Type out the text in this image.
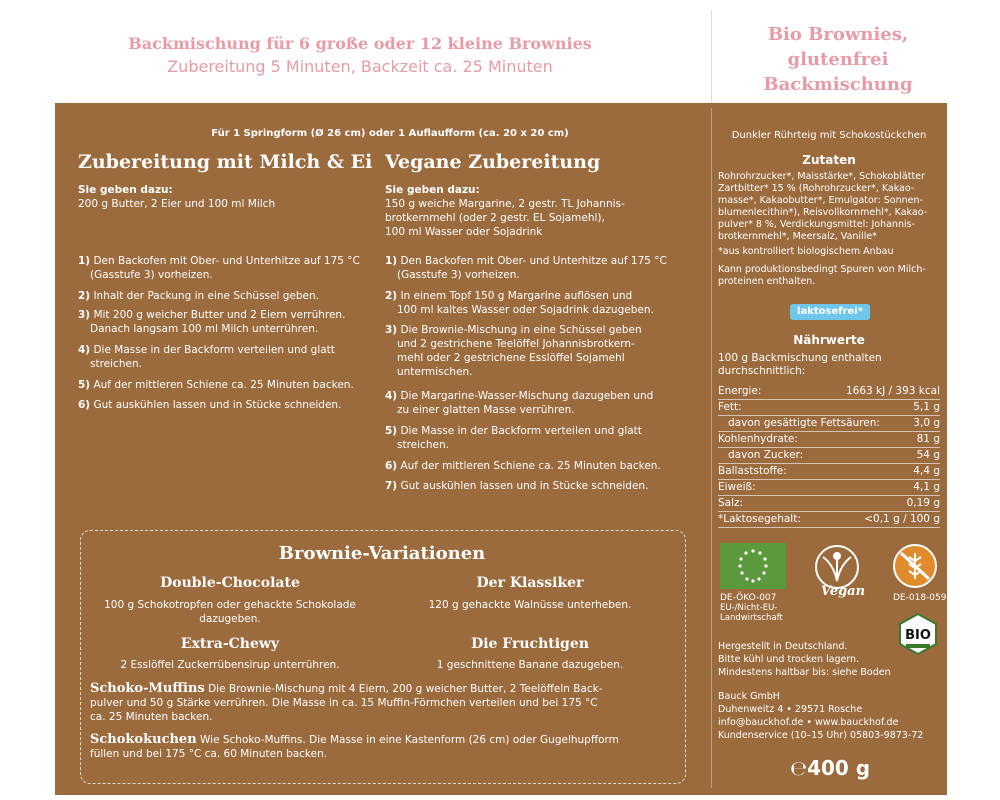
Backmischung für 6 große oder 12 kleine Brownies
Zubereitung 5 Minuten, Backzeit ca. 25 Minuten
Bio Brownies,
glutenfrei
Backmischung
Für 1 Springform (Ø 26 cm) oder 1 Auflaufform (ca. 20 x 20 cm)
Zubereitung mit Milch & Ei
Sie geben dazu:
200 g Butter, 2 Eier und 100 ml Milch
1) Den Backofen mit Ober- und Unterhitze auf 175 °C
(Gasstufe 3) vorheizen.
2) Inhalt der Packung in eine Schüssel geben.
3) Mit 200 g weicher Butter und 2 Eiern verrühren.
Danach langsam 100 ml Milch unterrühren.
4) Die Masse in der Backform verteilen und glatt
streichen.
5) Auf der mittleren Schiene ca. 25 Minuten backen.
6) Gut auskühlen lassen und in Stücke schneiden.
Vegane Zubereitung
Sie geben dazu:
150 g weiche Margarine, 2 gestr. TL Johannis-
brotkernmehl (oder 2 gestr. EL Sojamehl),
100 ml Wasser oder Sojadrink
1) Den Backofen mit Ober- und Unterhitze auf 175 °C
(Gasstufe 3) vorheizen.
2) In einem Topf 150 g Margarine auflösen und
100 ml kaltes Wasser oder Sojadrink dazugeben.
3) Die Brownie-Mischung in eine Schüssel geben
und 2 gestrichene Teelöffel Johannisbrotkern-
mehl oder 2 gestrichene Esslöffel Sojamehl
untermischen.
4) Die Margarine-Wasser-Mischung dazugeben und
zu einer glatten Masse verrühren.
5) Die Masse in der Backform verteilen und glatt
streichen.
6) Auf der mittleren Schiene ca. 25 Minuten backen.
7) Gut auskühlen lassen und in Stücke schneiden.
Brownie-Variationen
Double-Chocolate
100 g Schokotropfen oder gehackte Schokolade
dazugeben.
Der Klassiker
120 g gehackte Walnüsse unterheben.
Extra-Chewy
2 Esslöffel Zuckerrübensirup unterrühren.
Die Fruchtigen
1 geschnittene Banane dazugeben.
Schoko-Muffins Die Brownie-Mischung mit 4 Eiern, 200 g weicher Butter, 2 Teelöffeln Back-
pulver und 50 g Stärke verrühren. Die Masse in ca. 15 Muffin-Förmchen verteilen und bei 175 °C
ca. 25 Minuten backen.
Schokokuchen Wie Schoko-Muffins. Die Masse in eine Kastenform (26 cm) oder Gugelhupfform
füllen und bei 175 °C ca. 60 Minuten backen.
Dunkler Rührteig mit Schokostückchen
Zutaten
Rohrohrzucker*, Maisstärke*, Schokoblätter
Zartbitter* 15 % (Rohrohrzucker*, Kakao-
masse*, Kakaobutter*, Emulgator: Sonnen-
blumenlecithin*), Reisvollkornmehl*, Kakao-
pulver* 8 %, Verdickungsmittel: Johannis-
brotkernmehl*, Meersalz, Vanille*
*aus kontrolliert biologischem Anbau
Kann produktionsbedingt Spuren von Milch-
proteinen enthalten.
laktosefrei*
Nährwerte
100 g Backmischung enthalten
durchschnittlich:
Energie:	1663 kJ / 393 kcal
Fett:	5,1 g
davon gesättigte Fettsäuren:	3,0 g
Kohlenhydrate:	81 g
davon Zucker:	54 g
Ballaststoffe:	4,4 g
Eiweiß:	4,1 g
Salz:	0,19 g
*Laktosegehalt:	<0,1 g / 100 g
DE-ÖKO-007
EU-/Nicht-EU-
Landwirtschaft
Vegan	DE-018-059
BIO
Hergestellt in Deutschland.
Bitte kühl und trocken lagern.
Mindestens haltbar bis: siehe Boden
Bauck GmbH
Duhenweitz 4 • 29571 Rosche
info@bauckhof.de • www.bauckhof.de
Kundenservice (10–15 Uhr) 05803-9873-72
℮400 g
